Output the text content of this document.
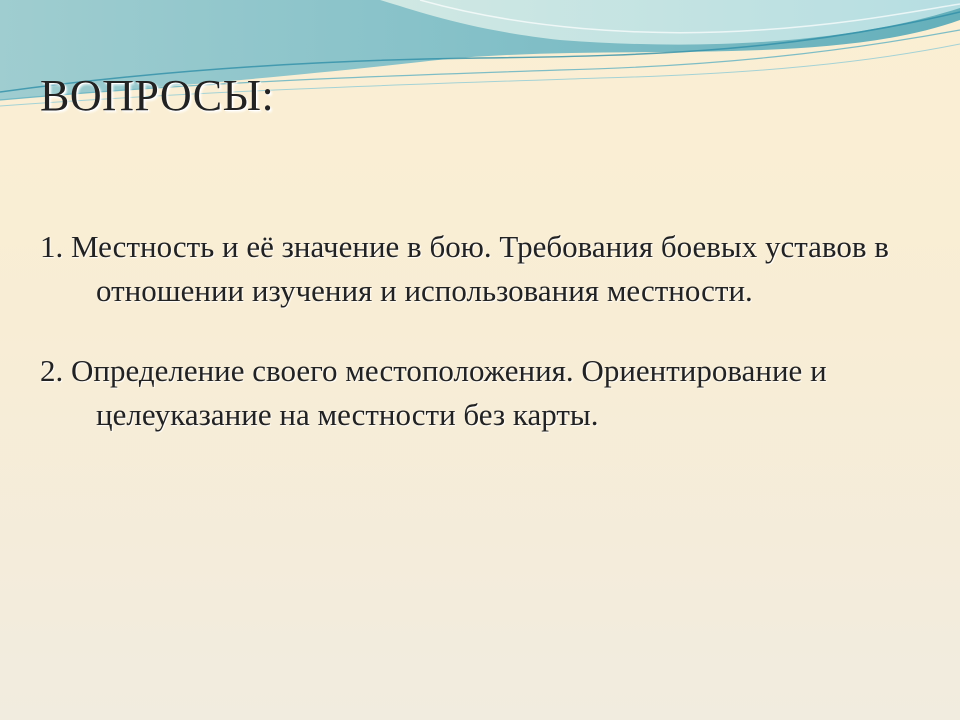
ВОПРОСЫ:
1. Местность и её значение в бою. Требования боевых уставов в отношении изучения и использования местности.
2. Определение своего местоположения. Ориентирование и целеуказание на местности без карты.
